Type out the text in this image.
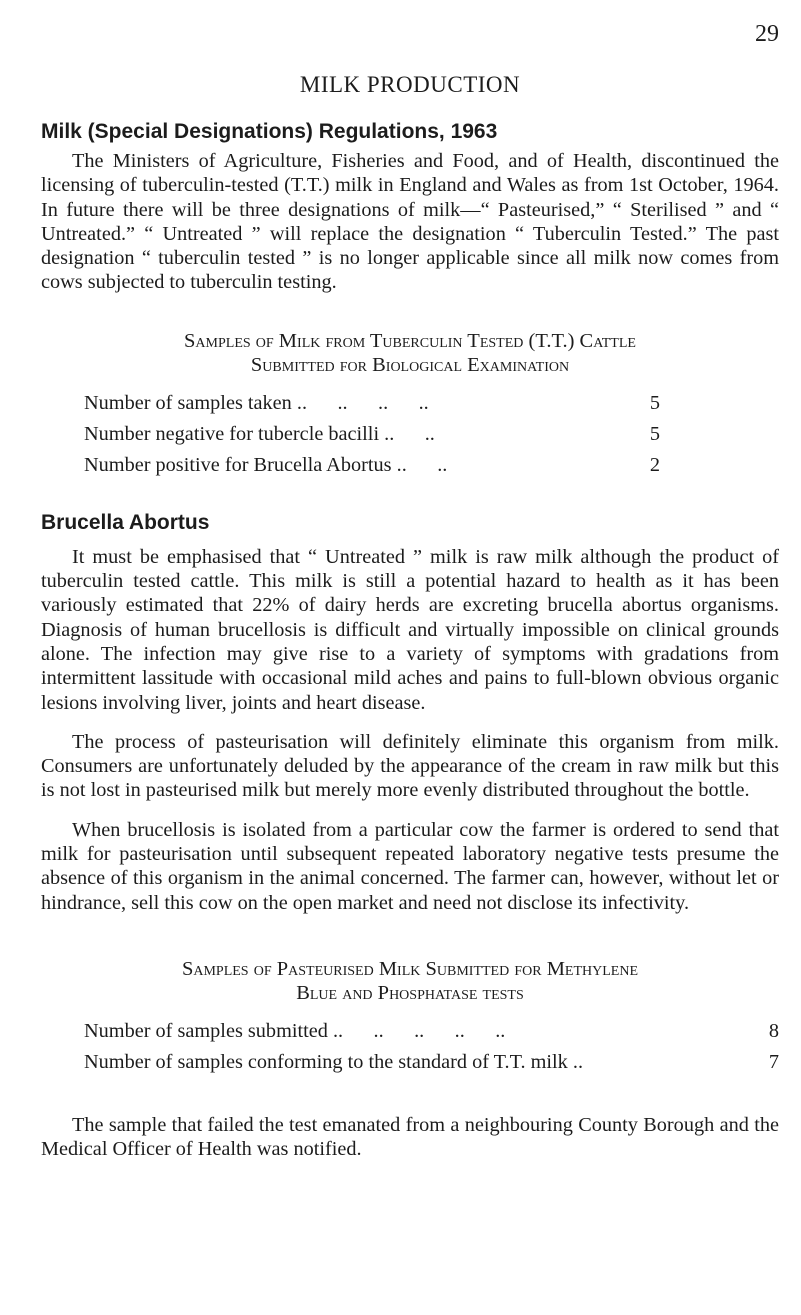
29

MILK PRODUCTION
Milk (Special Designations) Regulations, 1963

The Ministers of Agriculture, Fisheries and Food, and of Health, discontinued the licensing of tuberculin-tested (T.T.) milk in England and Wales as from 1st October, 1964. In future there will be three designations of milk—“ Pasteurised,” “ Sterilised ” and “ Untreated.” “ Untreated ” will replace the designation “ Tuberculin Tested.” The past designation “ tuberculin tested ” is no longer applicable since all milk now comes from cows subjected to tuberculin testing.

Samples of Milk from Tuberculin Tested (T.T.) Cattle
Submitted for Biological Examination
Number of samples taken ..      ..      ..      ..	5
Number negative for tubercle bacilli ..      ..	5
Number positive for Brucella Abortus ..      ..	2
Brucella Abortus

It must be emphasised that “ Untreated ” milk is raw milk although the product of tuberculin tested cattle. This milk is still a potential hazard to health as it has been variously estimated that 22% of dairy herds are excreting brucella abortus organisms. Diagnosis of human brucellosis is difficult and virtually impossible on clinical grounds alone. The infection may give rise to a variety of symptoms with gradations from intermittent lassitude with occasional mild aches and pains to full-blown obvious organic lesions involving liver, joints and heart disease.

The process of pasteurisation will definitely eliminate this organism from milk. Consumers are unfortunately deluded by the appearance of the cream in raw milk but this is not lost in pasteurised milk but merely more evenly distributed throughout the bottle.

When brucellosis is isolated from a particular cow the farmer is ordered to send that milk for pasteurisation until subsequent repeated laboratory negative tests presume the absence of this organism in the animal concerned. The farmer can, however, without let or hindrance, sell this cow on the open market and need not disclose its infectivity.

Samples of Pasteurised Milk Submitted for Methylene
Blue and Phosphatase tests
Number of samples submitted ..      ..      ..      ..      ..	8
Number of samples conforming to the standard of T.T. milk ..	7

The sample that failed the test emanated from a neighbouring County Borough and the Medical Officer of Health was notified.
